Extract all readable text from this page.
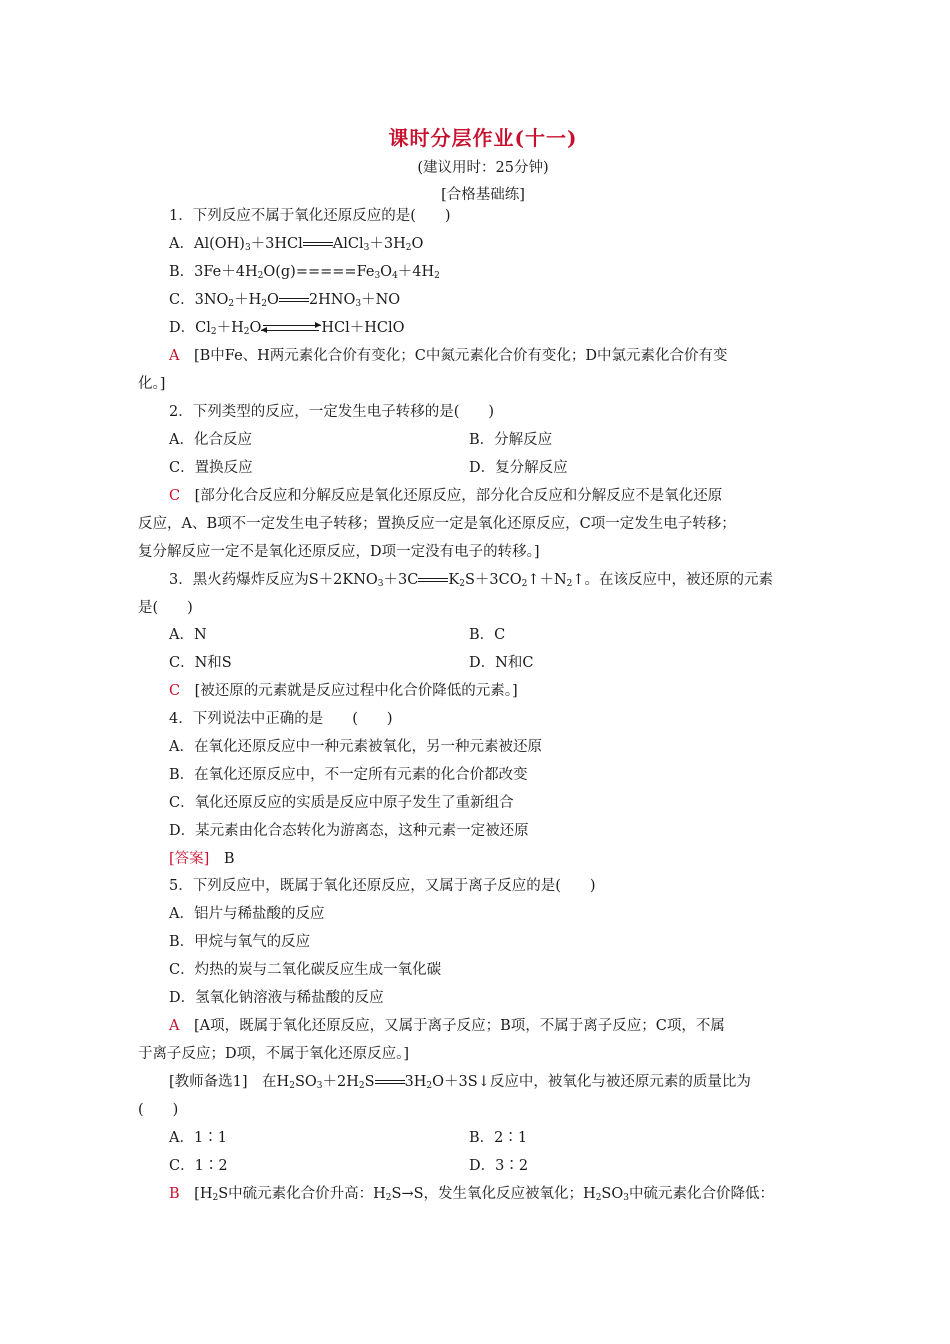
课时分层作业(十一)
(建议用时：25分钟)
[合格基础练]
1．下列反应不属于氧化还原反应的是(　　)
A．$Al(OH)_3+3HCl$ $AlCl_3+3H_2O$
B．$3Fe+4H_2O(g)=====Fe_3O_4+4H_2$
C．$3NO_2+H_2O$ $2HNO_3+NO$
D．$Cl_2+H_2O$	HCl＋HClO
A　 [B中Fe、H两元素化合价有变化；C中氮元素化合价有变化；D中氯元素化合价有变
化。]
2．下列类型的反应，一定发生电子转移的是(　　)
A．化合反应	B．分解反应
C．置换反应	D．复分解反应
C　 [部分化合反应和分解反应是氧化还原反应，部分化合反应和分解反应不是氧化还原
反应，A、B项不一定发生电子转移；置换反应一定是氧化还原反应，C项一定发生电子转移；
复分解反应一定不是氧化还原反应，D项一定没有电子的转移。]
3．黑火药爆炸反应为$S+2KNO_3+3C$ $K_2S+3CO_2↑+N_2↑$。在该反应中，被还原的元素
是(　　)
A．N	B．C
C．N和S	D．N和C
C　 [被还原的元素就是反应过程中化合价降低的元素。]
4．下列说法中正确的是　　(　　)
A．在氧化还原反应中一种元素被氧化，另一种元素被还原
B．在氧化还原反应中，不一定所有元素的化合价都改变
C．氧化还原反应的实质是反应中原子发生了重新组合
D．某元素由化合态转化为游离态，这种元素一定被还原
[答案]　 B
5．下列反应中，既属于氧化还原反应，又属于离子反应的是(　　)
A．铝片与稀盐酸的反应
B．甲烷与氧气的反应
C．灼热的炭与二氧化碳反应生成一氧化碳
D．氢氧化钠溶液与稀盐酸的反应
A　 [A项，既属于氧化还原反应，又属于离子反应；B项，不属于离子反应；C项，不属
于离子反应；D项，不属于氧化还原反应。]
[教师备选1]　 在$H_2SO_3+2H_2S$ $3H_2O+3S↓$反应中，被氧化与被还原元素的质量比为
(　　)
A．1∶1	B．2∶1
C．1∶2	D．3∶2
B　 [$H_2S$中硫元素化合价升高：$H_2S\to S$，发生氧化反应被氧化；$H_2SO_3$中硫元素化合价降低：
